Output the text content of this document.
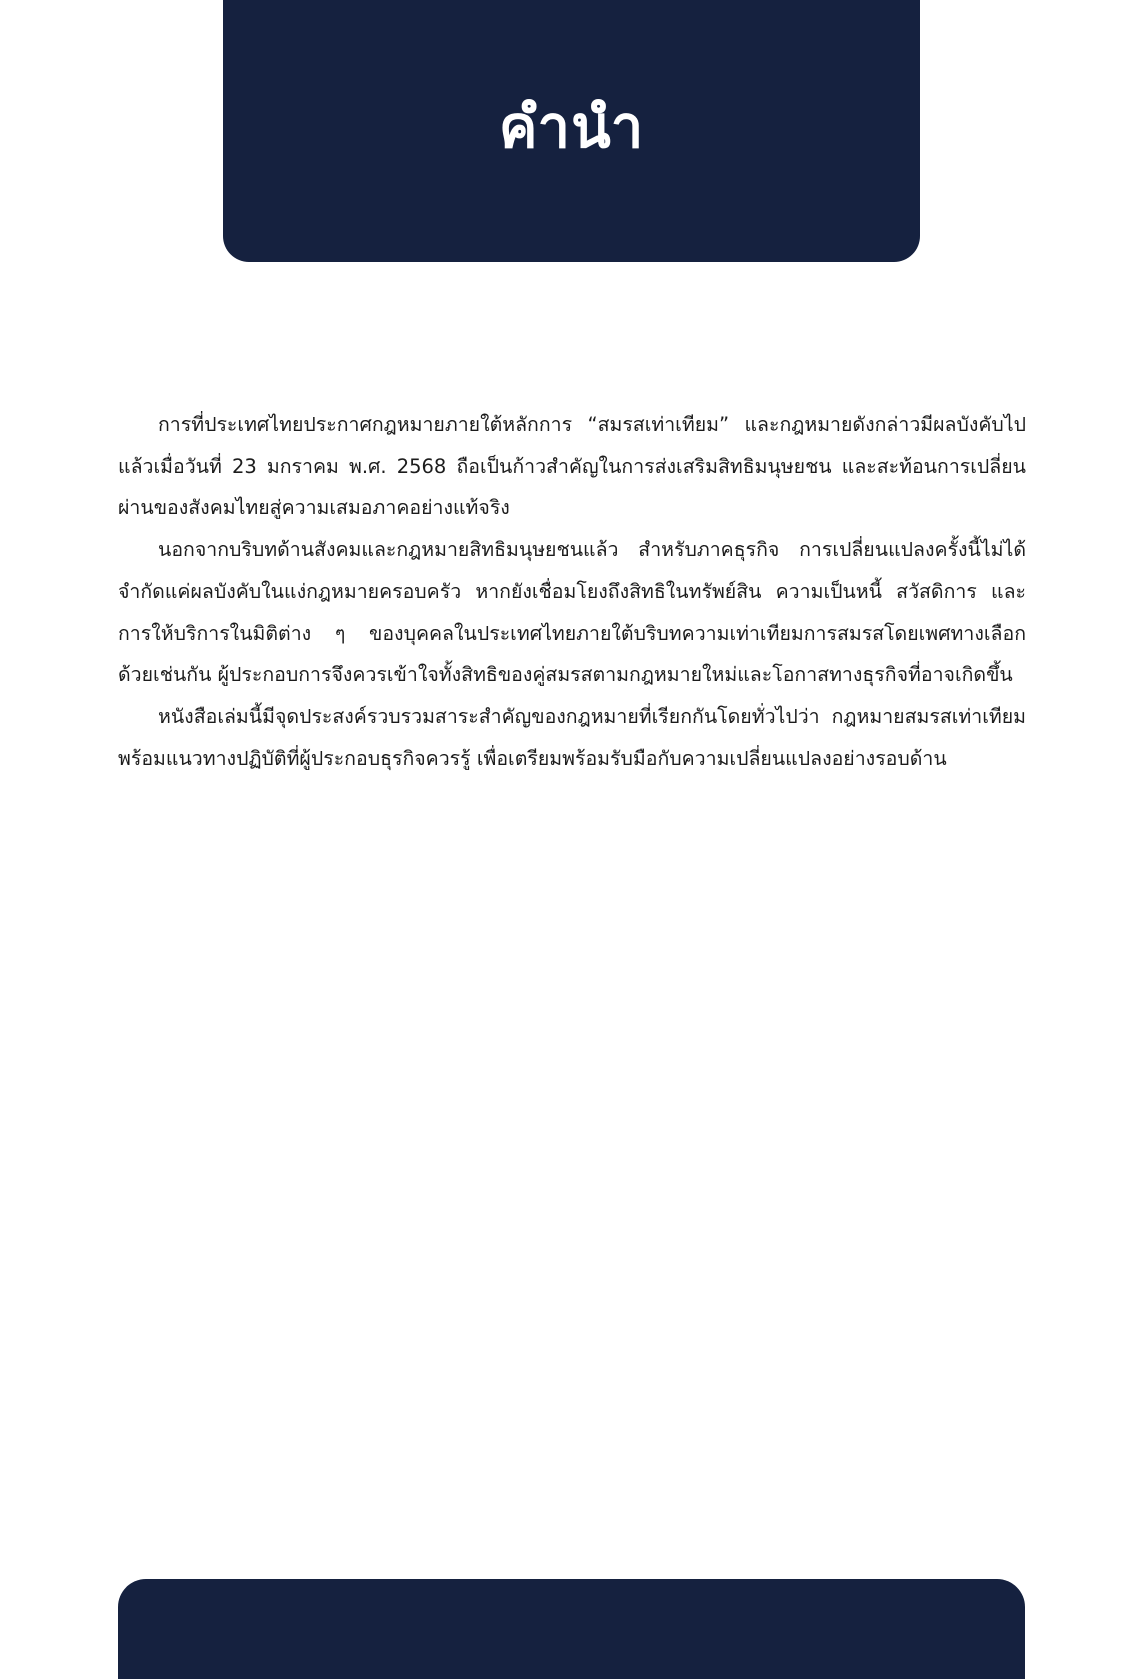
คำนำ

การที่ประเทศไทยประกาศกฎหมายภายใต้หลักการ “สมรสเท่าเทียม” และกฎหมายดังกล่าวมีผลบังคับไปแล้วเมื่อวันที่ 23 มกราคม พ.ศ. 2568 ถือเป็นก้าวสำคัญในการส่งเสริมสิทธิมนุษยชน และสะท้อนการเปลี่ยนผ่านของสังคมไทยสู่ความเสมอภาคอย่างแท้จริง

นอกจากบริบทด้านสังคมและกฎหมายสิทธิมนุษยชนแล้ว สำหรับภาคธุรกิจ การเปลี่ยนแปลงครั้งนี้ไม่ได้จำกัดแค่ผลบังคับในแง่กฎหมายครอบครัว หากยังเชื่อมโยงถึงสิทธิในทรัพย์สิน ความเป็นหนี้ สวัสดิการ และการให้บริการในมิติต่าง ๆ ของบุคคลในประเทศไทยภายใต้บริบทความเท่าเทียมการสมรสโดยเพศทางเลือกด้วยเช่นกัน ผู้ประกอบการจึงควรเข้าใจทั้งสิทธิของคู่สมรสตามกฎหมายใหม่และโอกาสทางธุรกิจที่อาจเกิดขึ้น

หนังสือเล่มนี้มีจุดประสงค์รวบรวมสาระสำคัญของกฎหมายที่เรียกกันโดยทั่วไปว่า กฎหมายสมรสเท่าเทียม พร้อมแนวทางปฏิบัติที่ผู้ประกอบธุรกิจควรรู้ เพื่อเตรียมพร้อมรับมือกับความเปลี่ยนแปลงอย่างรอบด้าน
